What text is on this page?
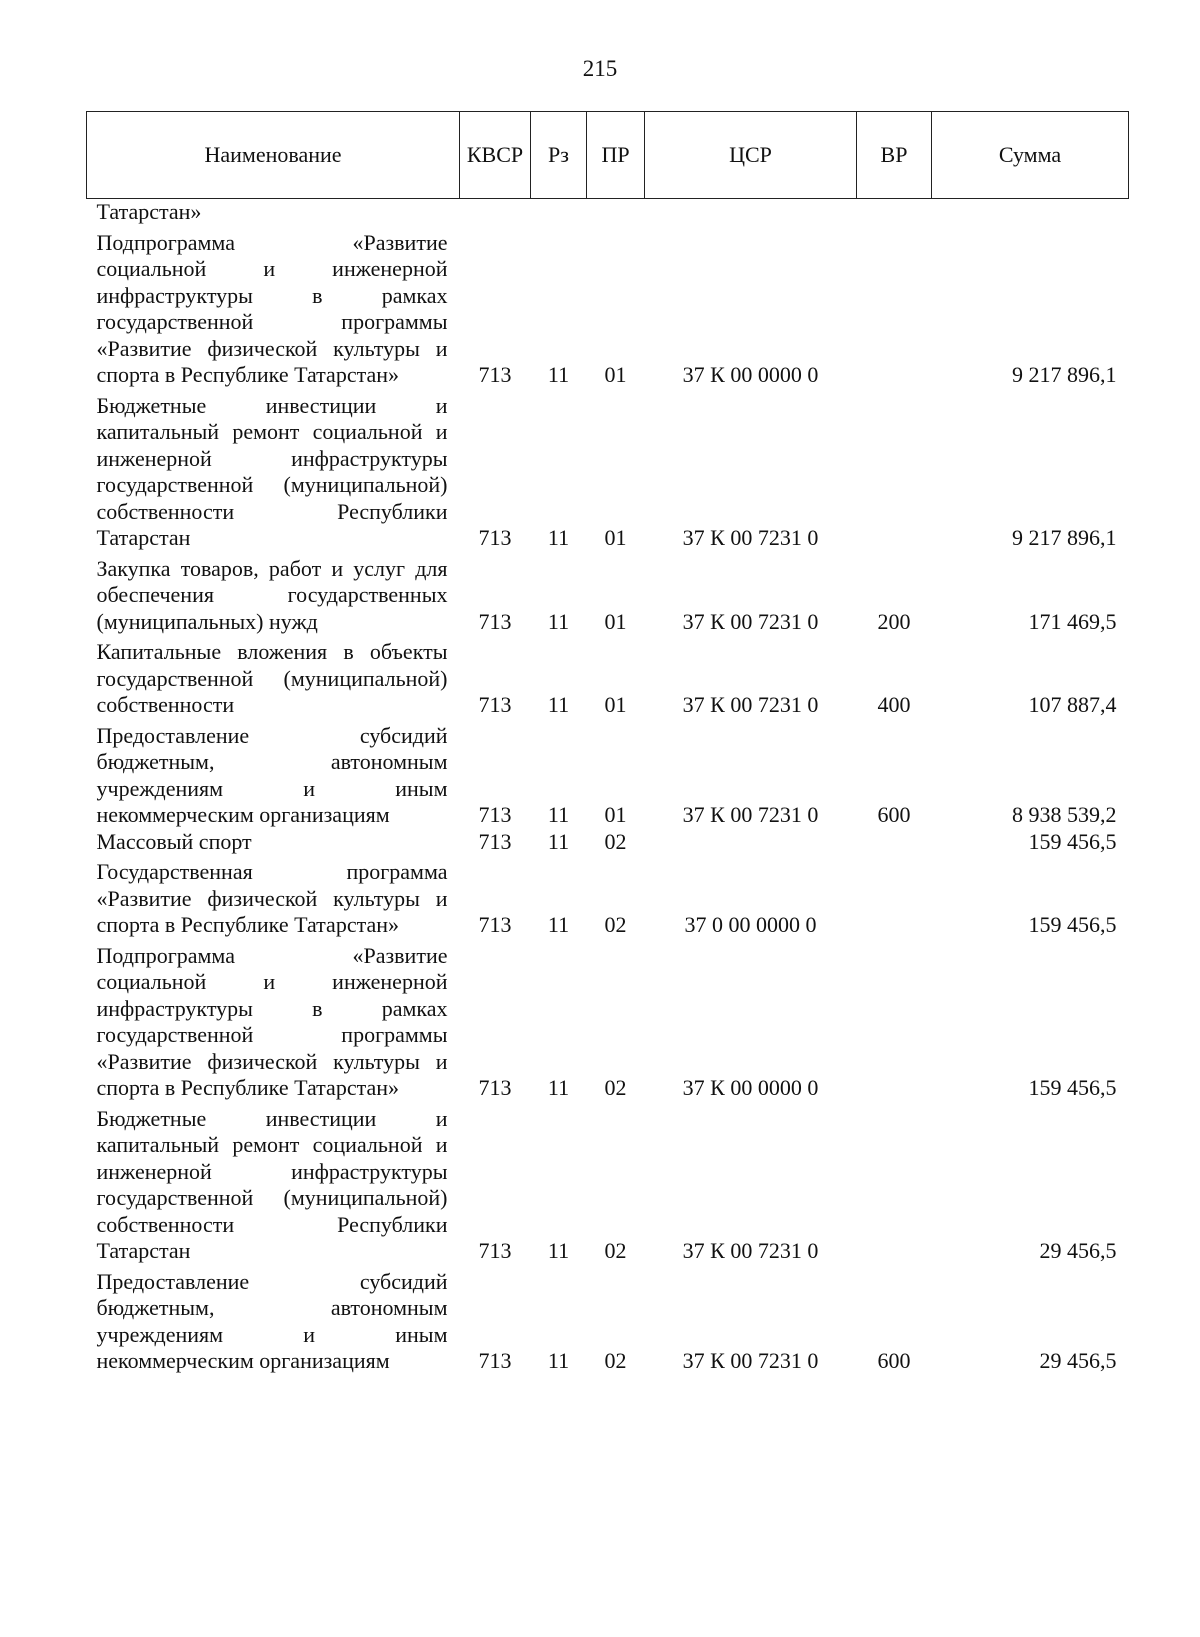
215
Наименование	КВСР	Рз	ПР	ЦСР	ВР	Сумма
Татарстан»						
Подпрограмма «Развитие социальной и инженерной инфраструктуры в рамках государственной программы «Развитие физической культуры и спорта в Республике Татарстан»	713	11	01	37 К 00 0000 0		9 217 896,1
Бюджетные инвестиции и капитальный ремонт социальной и инженерной инфраструктуры государственной (муниципальной) собственности Республики Татарстан	713	11	01	37 К 00 7231 0		9 217 896,1
Закупка товаров, работ и услуг для обеспечения государственных (муниципальных) нужд	713	11	01	37 К 00 7231 0	200	171 469,5
Капитальные вложения в объекты государственной (муниципальной) собственности	713	11	01	37 К 00 7231 0	400	107 887,4
Предоставление субсидий бюджетным, автономным учреждениям и иным некоммерческим организациям	713	11	01	37 К 00 7231 0	600	8 938 539,2
Массовый спорт	713	11	02			159 456,5
Государственная программа «Развитие физической культуры и спорта в Республике Татарстан»	713	11	02	37 0 00 0000 0		159 456,5
Подпрограмма «Развитие социальной и инженерной инфраструктуры в рамках государственной программы «Развитие физической культуры и спорта в Республике Татарстан»	713	11	02	37 К 00 0000 0		159 456,5
Бюджетные инвестиции и капитальный ремонт социальной и инженерной инфраструктуры государственной (муниципальной) собственности Республики Татарстан	713	11	02	37 К 00 7231 0		29 456,5
Предоставление субсидий бюджетным, автономным учреждениям и иным некоммерческим организациям	713	11	02	37 К 00 7231 0	600	29 456,5
